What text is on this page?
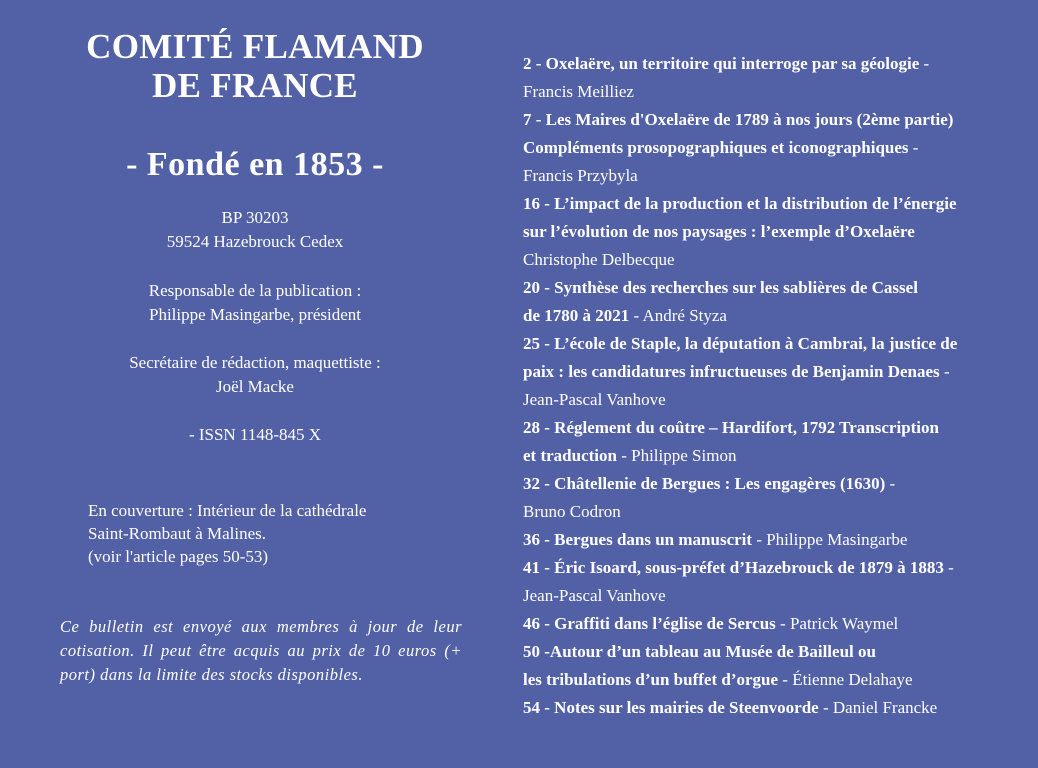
COMITÉ FLAMAND
DE FRANCE
- Fondé en 1853 -
BP 30203
59524 Hazebrouck Cedex
Responsable de la publication :
Philippe Masingarbe, président
Secrétaire de rédaction, maquettiste :
Joël Macke
- ISSN 1148-845 X
En couverture : Intérieur de la cathédrale
Saint-Rombaut à Malines.
(voir l'article pages 50-53)
Ce bulletin est envoyé aux membres à jour de leur cotisation. Il peut être acquis au prix de 10 euros (+ port) dans la limite des stocks disponibles.
2 - Oxelaëre, un territoire qui interroge par sa géologie -
Francis Meilliez
7 - Les Maires d'Oxelaëre de 1789 à nos jours (2ème partie)
Compléments prosopographiques et iconographiques -
Francis Przybyla
16 - L’impact de la production et la distribution de l’énergie
sur l’évolution de nos paysages : l’exemple d’Oxelaëre
Christophe Delbecque
20 - Synthèse des recherches sur les sablières de Cassel
de 1780 à 2021 - André Styza
25 - L’école de Staple, la députation à Cambrai, la justice de
paix : les candidatures infructueuses de Benjamin Denaes -
Jean-Pascal Vanhove
28 - Réglement du coûtre – Hardifort, 1792 Transcription
et traduction - Philippe Simon
32 - Châtellenie de Bergues : Les engagères (1630) -
Bruno Codron
36 - Bergues dans un manuscrit - Philippe Masingarbe
41 - Éric Isoard, sous-préfet d’Hazebrouck de 1879 à 1883 -
Jean-Pascal Vanhove
46 - Graffiti dans l’église de Sercus - Patrick Waymel
50 -Autour d’un tableau au Musée de Bailleul ou
les tribulations d’un buffet d’orgue - Étienne Delahaye
54 - Notes sur les mairies de Steenvoorde - Daniel Francke
